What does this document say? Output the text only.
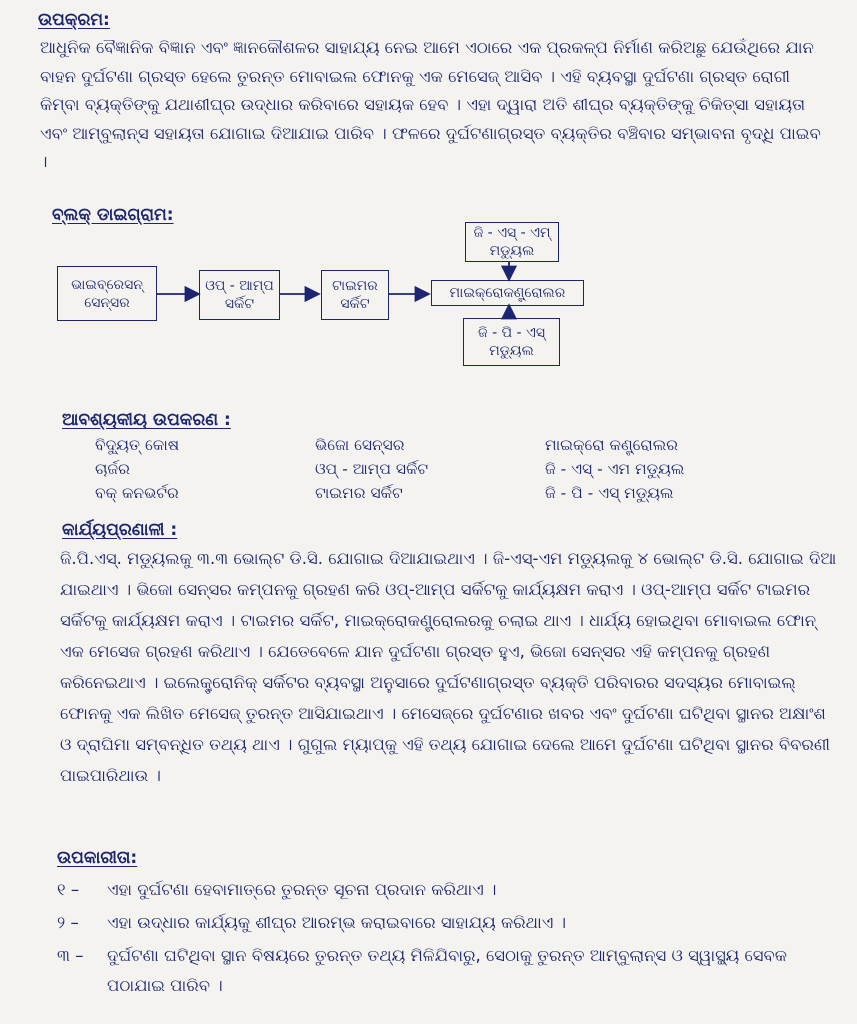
ଉପକ୍ରମ:

ଆଧୁନିକ ବୈଜ୍ଞାନିକ ବିଜ୍ଞାନ ଏବଂ ଜ୍ଞାନକୌଶଳର ସାହାଯ୍ୟ ନେଇ ଆମେ ଏଠାରେ ଏକ ପ୍ରକଳ୍ପ ନିର୍ମାଣ କରିଅଛୁ ଯେଉଁଥିରେ ଯାନ ବାହନ ଦୁର୍ଘଟଣା ଗ୍ରସ୍ତ ହେଲେ ତୁରନ୍ତ ମୋବାଇଲ ଫୋନକୁ ଏକ ମେସେଜ୍ ଆସିବ । ଏହି ବ୍ୟବସ୍ଥା ଦୁର୍ଘଟଣା ଗ୍ରସ୍ତ ରୋଗୀ କିମ୍ବା ବ୍ୟକ୍ତିଙ୍କୁ ଯଥାଶୀଘ୍ର ଉଦ୍ଧାର କରିବାରେ ସହାୟକ ହେବ । ଏହା ଦ୍ୱାରା ଅତି ଶୀଘ୍ର ବ୍ୟକ୍ତିଙ୍କୁ ଚିକିତ୍ସା ସହାୟତା ଏବଂ ଆମ୍ବୁଲାନ୍ସ ସହାୟତା ଯୋଗାଇ ଦିଆଯାଇ ପାରିବ । ଫଳରେ ଦୁର୍ଘଟଣାଗ୍ରସ୍ତ ବ୍ୟକ୍ତିର ବଞ୍ଚିବାର ସମ୍ଭାବନା ବୃଦ୍ଧି ପାଇବ ।

ବ୍ଲକ୍ ଡାଇଗ୍ରାମ:
ଭାଇବ୍ରେସନ୍ ସେନ୍ସର
ଓପ୍ - ଆମ୍ପ ସର୍କିଟ
ଟାଇମର ସର୍କିଟ
ମାଇକ୍ରୋକଣ୍ଟ୍ରୋଲର
ଜି - ଏସ୍ - ଏମ୍ ମଡ୍ୟୁଲ
ଜି - ପି - ଏସ୍ ମଡ୍ୟୁଲ
ଆବଶ୍ୟକୀୟ ଉପକରଣ :
ବିଦ୍ୟୁତ୍ କୋଷ	ଭିଜୋ ସେନ୍ସର	ମାଇକ୍ରୋ କଣ୍ଟ୍ରୋଲର
ଚାର୍ଜର	ଓପ୍ - ଆମ୍ପ ସର୍କିଟ	ଜି - ଏସ୍ - ଏମ ମଡ୍ୟୁଲ
ବକ୍ କନଭର୍ଟର	ଟାଇମର ସର୍କିଟ	ଜି - ପି - ଏସ୍ ମଡ୍ୟୁଲ
କାର୍ଯ୍ୟପ୍ରଣାଳୀ :

ଜି.ପି.ଏସ୍. ମଡ୍ୟୁଲକୁ ୩.୩ ଭୋଲ୍ଟ ଡି.ସି. ଯୋଗାଇ ଦିଆଯାଇଥାଏ । ଜି-ଏସ୍-ଏମ ମଡ୍ୟୁଲକୁ ୪ ଭୋଲ୍ଟ ଡି.ସି. ଯୋଗାଇ ଦିଆ ଯାଇଥାଏ । ଭିଜୋ ସେନ୍ସର କମ୍ପନକୁ ଗ୍ରହଣ କରି ଓପ୍-ଆମ୍ପ ସର୍କିଟକୁ କାର୍ଯ୍ୟକ୍ଷମ କରାଏ । ଓପ୍-ଆମ୍ପ ସର୍କିଟ ଟାଇମର ସର୍କିଟକୁ କାର୍ଯ୍ୟକ୍ଷମ କରାଏ । ଟାଇମର ସର୍କିଟ, ମାଇକ୍ରୋକଣ୍ଟ୍ରୋଲରକୁ ଚଲାଇ ଥାଏ । ଧାର୍ଯ୍ୟ ହୋଇଥିବା ମୋବାଇଲ ଫୋନ୍ ଏକ ମେସେଜ ଗ୍ରହଣ କରିଥାଏ । ଯେତେବେଳେ ଯାନ ଦୁର୍ଘଟଣା ଗ୍ରସ୍ତ ହୁଏ, ଭିଜୋ ସେନ୍ସର ଏହି କମ୍ପନକୁ ଗ୍ରହଣ କରିନେଇଥାଏ । ଇଲେକ୍ଟ୍ରୋନିକ୍ ସର୍କିଟର ବ୍ୟବସ୍ଥା ଅନୁସାରେ ଦୁର୍ଘଟଣାଗ୍ରସ୍ତ ବ୍ୟକ୍ତି ପରିବାରର ସଦସ୍ୟର ମୋବାଇଲ୍ ଫୋନକୁ ଏକ ଲିଖିତ ମେସେଜ୍ ତୁରନ୍ତ ଆସିଯାଇଥାଏ । ମେସେଜ୍‌ରେ ଦୁର୍ଘଟଣାର ଖବର ଏବଂ ଦୁର୍ଘଟଣା ଘଟିଥିବା ସ୍ଥାନର ଅକ୍ଷାଂଶ ଓ ଦ୍ରାଘିମା ସମ୍ବନ୍ଧିତ ତଥ୍ୟ ଥାଏ । ଗୁଗୁଲ ମ୍ୟାପ୍‌କୁ ଏହି ତଥ୍ୟ ଯୋଗାଇ ଦେଲେ ଆମେ ଦୁର୍ଘଟଣା ଘଟିଥିବା ସ୍ଥାନର ବିବରଣୀ ପାଇପାରିଥାଉ ।

ଉପକାରୀତା:
୧ –	ଏହା ଦୁର୍ଘଟଣା ହେବାମାତ୍ରେ ତୁରନ୍ତ ସୂଚନା ପ୍ରଦାନ କରିଥାଏ ।
୨ –	ଏହା ଉଦ୍ଧାର କାର୍ଯ୍ୟକୁ ଶୀଘ୍ର ଆରମ୍ଭ କରାଇବାରେ ସାହାଯ୍ୟ କରିଥାଏ ।
୩ –	ଦୁର୍ଘଟଣା ଘଟିଥିବା ସ୍ଥାନ ବିଷୟରେ ତୁରନ୍ତ ତଥ୍ୟ ମିଳିଯିବାରୁ, ସେଠାକୁ ତୁରନ୍ତ ଆମ୍ବୁଲାନ୍ସ ଓ ସ୍ୱାସ୍ଥ୍ୟ ସେବକ ପଠାଯାଇ ପାରିବ ।
